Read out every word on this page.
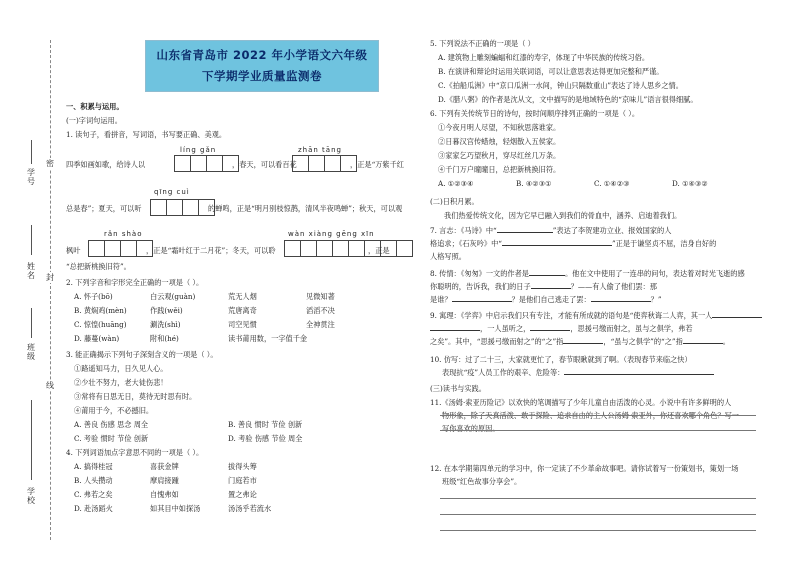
学号
姓名
班级
学校
密
封
线
山东省青岛市 2022 年小学语文六年级
下学期学业质量监测卷
一、积累与运用。
(一)字词句运用。
1. 读句子，看拼音，写词语，书写要正确、美观。
líng gǎn	zhān tāng
四季如画如歌，给诗人以	，春天，可以看百花	，正是“万紫千红
qīng cuì
总是春”；夏天，可以听	的蝉鸣，正是“明月别枝惊鹊，清风半夜鸣蝉”；秋天，可以观
rǎn shào	wàn xiàng gēng xīn
枫叶	，正是“霜叶红于二月花”；冬天，可以聆	，正是
“总把新桃换旧符”。
2. 下列字音和字形完全正确的一项是（ ）。
A. 怀子(bō)	白云观(guàn)	荒无人烟	见微知著
B. 黄焖鸡(mèn)	作践(wěi)	荒唐离奇	滔滔不决
C. 惊惶(huāng)	涮洗(shì)	司空见惯	全神贯注
D. 藤蔓(wàn)	附和(hé)	读书莆用数，一字值千金
3. 能正确揭示下列句子深刻含义的一项是（ ）。
①路遥知马力，日久见人心。
②少壮不努力，老大徒伤悲！
③常将有日思无日，莫待无时思有时。
④莆用于今，不必撼旧。
A. 善良 伤感 思念 周全	B. 善良 惯时 节俭 创新
C. 考验 惯时 节俭 创新	D. 考验 伤感 节俭 周全
4. 下列词语加点字意思不同的一项是（ ）。
A. 搞得桂冠	喜获金牌	拔得头筹
B. 人头攒动	摩肩接踵	门庭若市
C. 弗若之矣	自愧弗如	置之弗论
D. 赴汤蹈火	如其目中如探汤	汤汤乎若流水
5. 下列说法不正确的一项是（ ）
A. 建筑物上雕刻蝙蝠和红漆的寿字，体现了中华民族的传统习俗。
B. 在演讲和辩论时运用关联词语，可以让意思表达得更加完整和严谨。
C.《拍船瓜洲》中“京口瓜洲一水间，钟山只隔数重山”表达了诗人思乡之情。
D.《腊八粥》的作者是沈从文，文中描写的是地域特色的“京味儿”语言很得细腻。
6. 下列有关传统节日的诗句，按时间顺序排列正确的一项是（ ）。
①今夜月明人尽望，不知秋思落谁家。
②日暮汉宫传蜡烛，轻烟散入五侯家。
③家家乞巧望秋月，穿尽红丝几万条。
④千门万户曈曈日，总把新桃换旧符。
A. ①②③④	B. ④②③①	C. ①④②③	D. ①④③②
(二)日积月累。
我们热爱传统文化，因为它早已融入到我们的骨血中，涵养、启迪着我们。
7. 言志：《马诗》中“	”表达了李贺建功立业、报效国家的人
格追求；《石灰吟》中“	”正是于谦坚贞不屈，洁身自好的
人格写照。
8. 传情：《匆匆》一文的作者是	。他在文中使用了一连串的问句，表达着对时光飞逝的感
你聪明的，告诉我，我们的日子	？——有人偷了他们罢：那
是谁？	？是他们自己逃走了罢：	？”
9. 寓理：《学弈》中启示我们只有专注，才能有所成就的语句是“使弈秋诲二人弈，其一人
，一人虽听之，	，思援弓缴而射之，虽与之俱学，弗若
之矣”。其中，“思援弓缴而射之”的“之”指	，“虽与之俱学”的“之”指	。
10. 仿写：过了二十三，大家就更忙了，春节眼瞅就到了啊。（表现春节来临之快）
表现抗“疫”人员工作的艰辛、危险等：
(三)读书与实践。
11.《汤姆·索亚历险记》以欢快的笔调描写了少年儿童自由活泼的心灵。小说中有许多鲜明的人
物形象，除了天真活泼、敢于探险、追求自由的主人公汤姆·索亚外，你还喜欢哪个角色？写一
写你喜欢的原因。
12. 在本学期第四单元的学习中，你一定读了不少革命故事吧。请你试着写一份策划书，策划一场
班级“红色故事分享会”。
